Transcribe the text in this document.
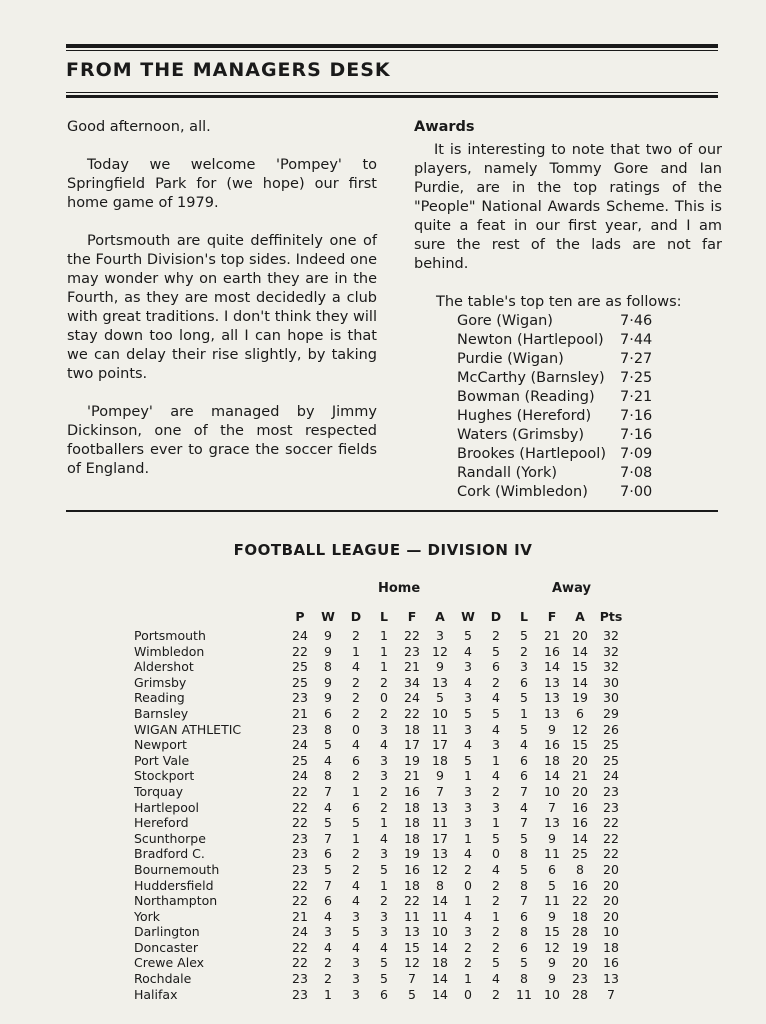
FROM THE MANAGERS DESK

Good afternoon, all.

Today we welcome 'Pompey' to Springfield Park for (we hope) our first home game of 1979.

Portsmouth are quite deffinitely one of the Fourth Division's top sides. Indeed one may wonder why on earth they are in the Fourth, as they are most decidedly a club with great traditions. I don't think they will stay down too long, all I can hope is that we can delay their rise slightly, by taking two points.

'Pompey' are managed by Jimmy Dickinson, one of the most respected footballers ever to grace the soccer fields of England.

Awards

It is interesting to note that two of our players, namely Tommy Gore and Ian Purdie, are in the top ratings of the "People" National Awards Scheme. This is quite a feat in our first year, and I am sure the rest of the lads are not far behind.

The table's top ten are as follows:

Gore (Wigan)	7·46
Newton (Hartlepool)	7·44
Purdie (Wigan)	7·27
McCarthy (Barnsley)	7·25
Bowman (Reading)	7·21
Hughes (Hereford)	7·16
Waters (Grimsby)	7·16
Brookes (Hartlepool)	7·09
Randall (York)	7·08
Cork (Wimbledon)	7·00
FOOTBALL LEAGUE — DIVISION IV
Home	Away
	P	W	D	L	F	A	W	D	L	F	A	Pts
Portsmouth	24	9	2	1	22	3	5	2	5	21	20	32
Wimbledon	22	9	1	1	23	12	4	5	2	16	14	32
Aldershot	25	8	4	1	21	9	3	6	3	14	15	32
Grimsby	25	9	2	2	34	13	4	2	6	13	14	30
Reading	23	9	2	0	24	5	3	4	5	13	19	30
Barnsley	21	6	2	2	22	10	5	5	1	13	6	29
WIGAN ATHLETIC	23	8	0	3	18	11	3	4	5	9	12	26
Newport	24	5	4	4	17	17	4	3	4	16	15	25
Port Vale	25	4	6	3	19	18	5	1	6	18	20	25
Stockport	24	8	2	3	21	9	1	4	6	14	21	24
Torquay	22	7	1	2	16	7	3	2	7	10	20	23
Hartlepool	22	4	6	2	18	13	3	3	4	7	16	23
Hereford	22	5	5	1	18	11	3	1	7	13	16	22
Scunthorpe	23	7	1	4	18	17	1	5	5	9	14	22
Bradford C.	23	6	2	3	19	13	4	0	8	11	25	22
Bournemouth	23	5	2	5	16	12	2	4	5	6	8	20
Huddersfield	22	7	4	1	18	8	0	2	8	5	16	20
Northampton	22	6	4	2	22	14	1	2	7	11	22	20
York	21	4	3	3	11	11	4	1	6	9	18	20
Darlington	24	3	5	3	13	10	3	2	8	15	28	10
Doncaster	22	4	4	4	15	14	2	2	6	12	19	18
Crewe Alex	22	2	3	5	12	18	2	5	5	9	20	16
Rochdale	23	2	3	5	7	14	1	4	8	9	23	13
Halifax	23	1	3	6	5	14	0	2	11	10	28	7
